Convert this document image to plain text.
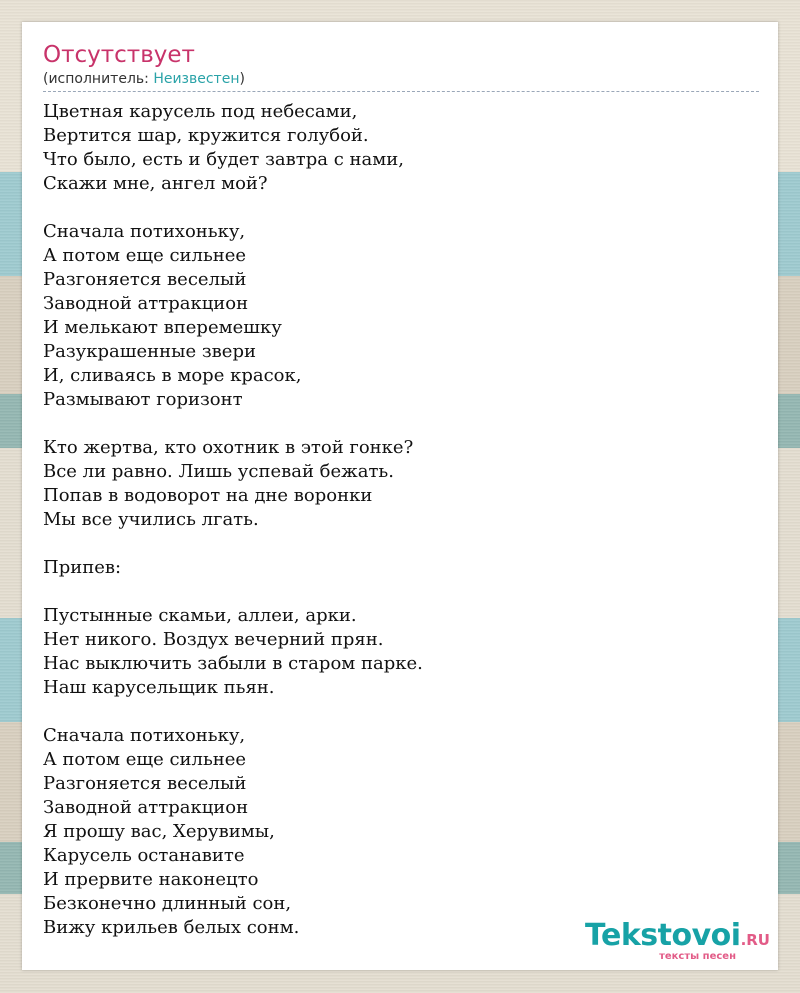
Отсутствует
(исполнитель: Неизвестен)
Цветная карусель под небесами,
Вертится шар, кружится голубой.
Что было, есть и будет завтра с нами,
Скажи мне, ангел мой?
Сначала потихоньку,
А потом еще сильнее
Разгоняется веселый
Заводной аттракцион
И мелькают вперемешку
Разукрашенные звери
И, сливаясь в море красок,
Размывают горизонт
Кто жертва, кто охотник в этой гонке?
Все ли равно. Лишь успевай бежать.
Попав в водоворот на дне воронки
Мы все учились лгать.
Припев:
Пустынные скамьи, аллеи, арки.
Нет никого. Воздух вечерний прян.
Нас выключить забыли в старом парке.
Наш карусельщик пьян.
Сначала потихоньку,
А потом еще сильнее
Разгоняется веселый
Заводной аттракцион
Я прошу вас, Херувимы,
Карусель останавите
И прервите наконецто
Безконечно длинный сон,
Вижу крильев белых сонм.	Tekstovoi.RU
тексты песен
